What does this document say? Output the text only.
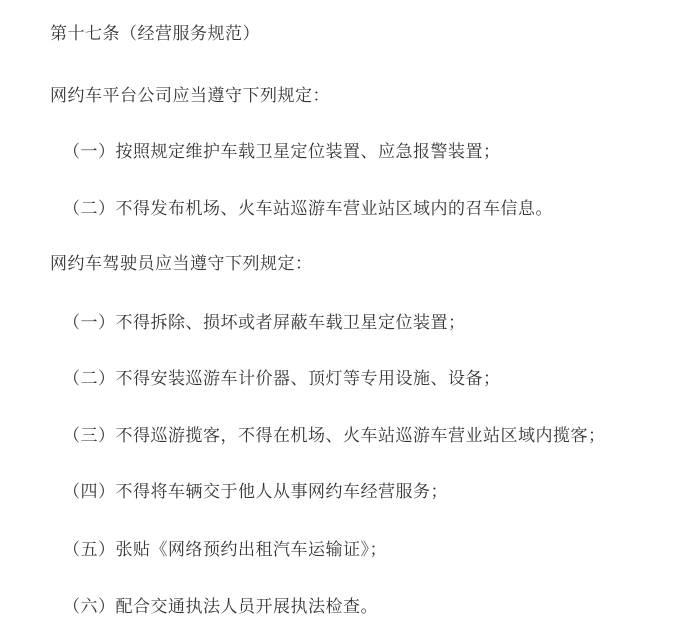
第十七条（经营服务规范）
网约车平台公司应当遵守下列规定：
（一）按照规定维护车载卫星定位装置、应急报警装置；
（二）不得发布机场、火车站巡游车营业站区域内的召车信息。
网约车驾驶员应当遵守下列规定：
（一）不得拆除、损坏或者屏蔽车载卫星定位装置；
（二）不得安装巡游车计价器、顶灯等专用设施、设备；
（三）不得巡游揽客，不得在机场、火车站巡游车营业站区域内揽客；
（四）不得将车辆交于他人从事网约车经营服务；
（五）张贴《网络预约出租汽车运输证》；
（六）配合交通执法人员开展执法检查。
